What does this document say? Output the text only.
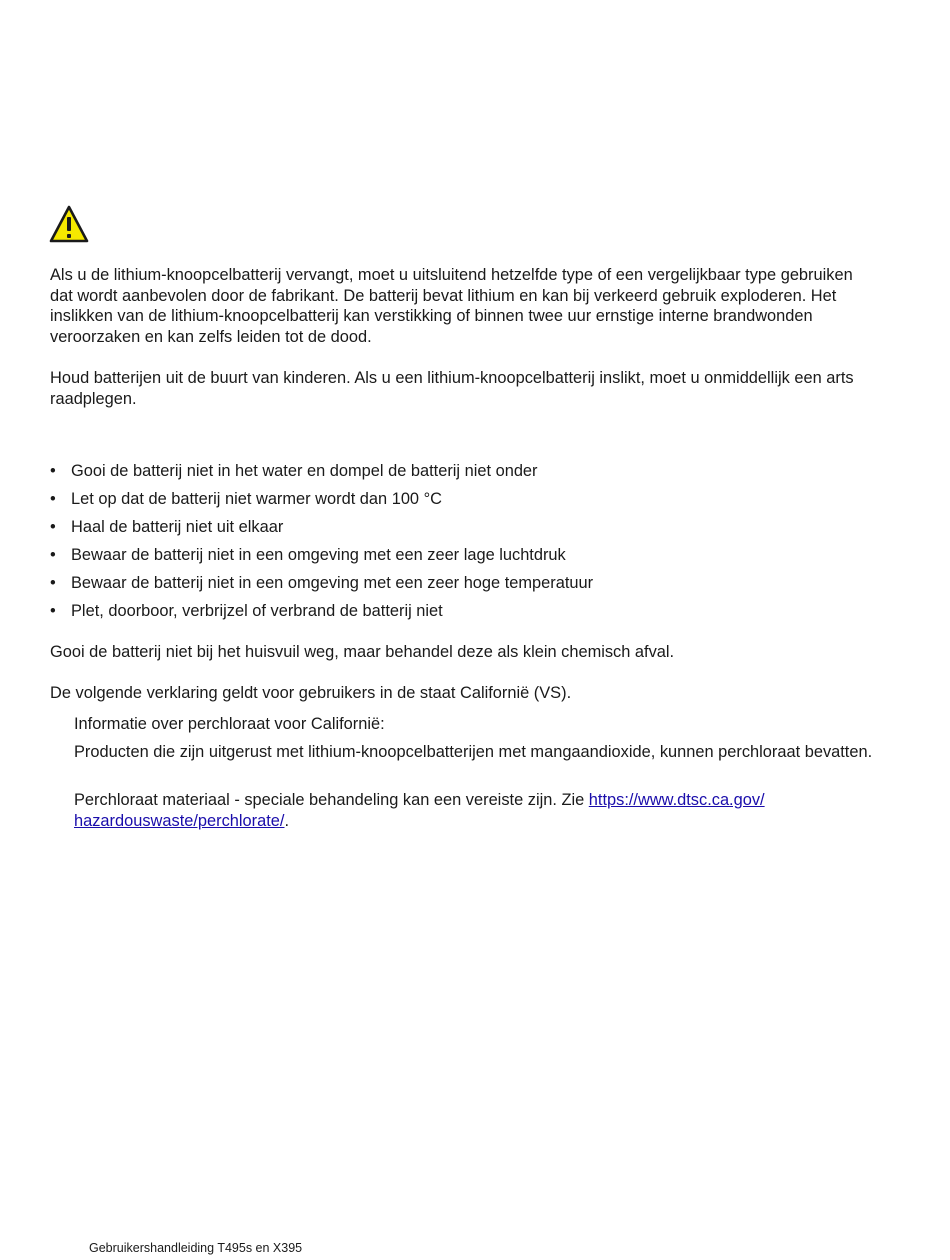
Als u de lithium-knoopcelbatterij vervangt, moet u uitsluitend hetzelfde type of een vergelijkbaar type gebruiken dat wordt aanbevolen door de fabrikant. De batterij bevat lithium en kan bij verkeerd gebruik exploderen. Het inslikken van de lithium-knoopcelbatterij kan verstikking of binnen twee uur ernstige interne brandwonden veroorzaken en kan zelfs leiden tot de dood.

Houd batterijen uit de buurt van kinderen. Als u een lithium-knoopcelbatterij inslikt, moet u onmiddellijk een arts raadplegen.

• Gooi de batterij niet in het water en dompel de batterij niet onder
• Let op dat de batterij niet warmer wordt dan 100 °C
• Haal de batterij niet uit elkaar
• Bewaar de batterij niet in een omgeving met een zeer lage luchtdruk
• Bewaar de batterij niet in een omgeving met een zeer hoge temperatuur
• Plet, doorboor, verbrijzel of verbrand de batterij niet

Gooi de batterij niet bij het huisvuil weg, maar behandel deze als klein chemisch afval.

De volgende verklaring geldt voor gebruikers in de staat Californië (VS).

Informatie over perchloraat voor Californië:

Producten die zijn uitgerust met lithium-knoopcelbatterijen met mangaandioxide, kunnen perchloraat bevatten.

Perchloraat materiaal - speciale behandeling kan een vereiste zijn. Zie https://www.dtsc.ca.gov/
hazardouswaste/perchlorate/.

Gebruikershandleiding T495s en X395
